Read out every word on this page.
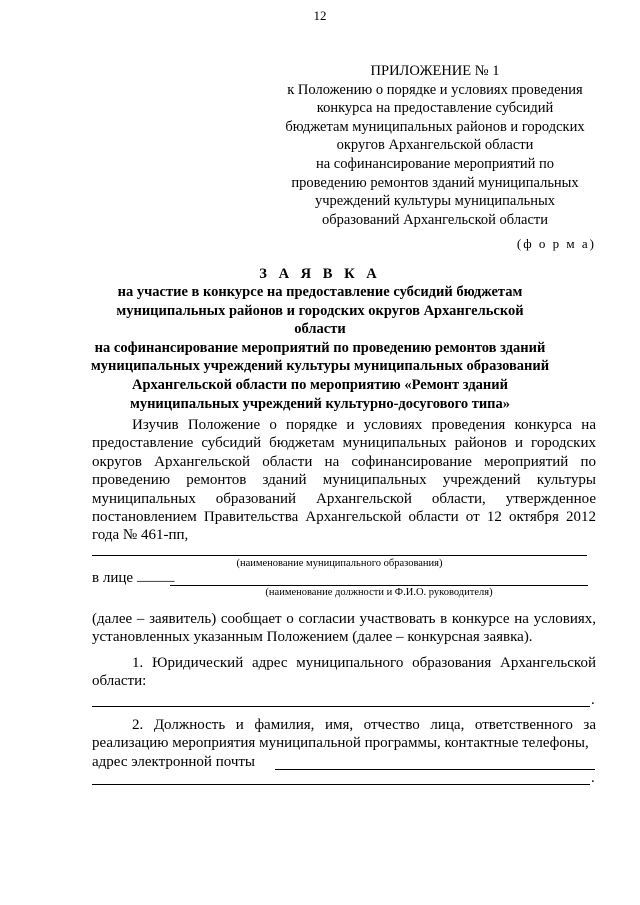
12
ПРИЛОЖЕНИЕ № 1
к Положению о порядке и условиях проведения
конкурса на предоставление субсидий
бюджетам муниципальных районов и городских
округов Архангельской области
на софинансирование мероприятий по
проведению ремонтов зданий муниципальных
учреждений культуры муниципальных
образований Архангельской области
(ф о р м а)
З А Я В К А
на участие в конкурсе на предоставление субсидий бюджетам
муниципальных районов и городских округов Архангельской области
на софинансирование мероприятий по проведению ремонтов зданий
муниципальных учреждений культуры муниципальных образований
Архангельской области по мероприятию «Ремонт зданий
муниципальных учреждений культурно-досугового типа»
Изучив Положение о порядке и условиях проведения конкурса на предоставление субсидий бюджетам муниципальных районов и городских округов Архангельской области на софинансирование мероприятий по проведению ремонтов зданий муниципальных учреждений культуры муниципальных образований Архангельской области, утвержденное постановлением Правительства Архангельской области от 12 октября 2012 года № 461-пп,
(наименование муниципального образования)
в лице _____
(наименование должности и Ф.И.О. руководителя)
(далее – заявитель) сообщает о согласии участвовать в конкурсе на условиях, установленных указанным Положением (далее – конкурсная заявка).
1. Юридический адрес муниципального образования Архангельской области:
.
2. Должность и фамилия, имя, отчество лица, ответственного за реализацию мероприятия муниципальной программы, контактные телефоны,
адрес электронной почты
.
